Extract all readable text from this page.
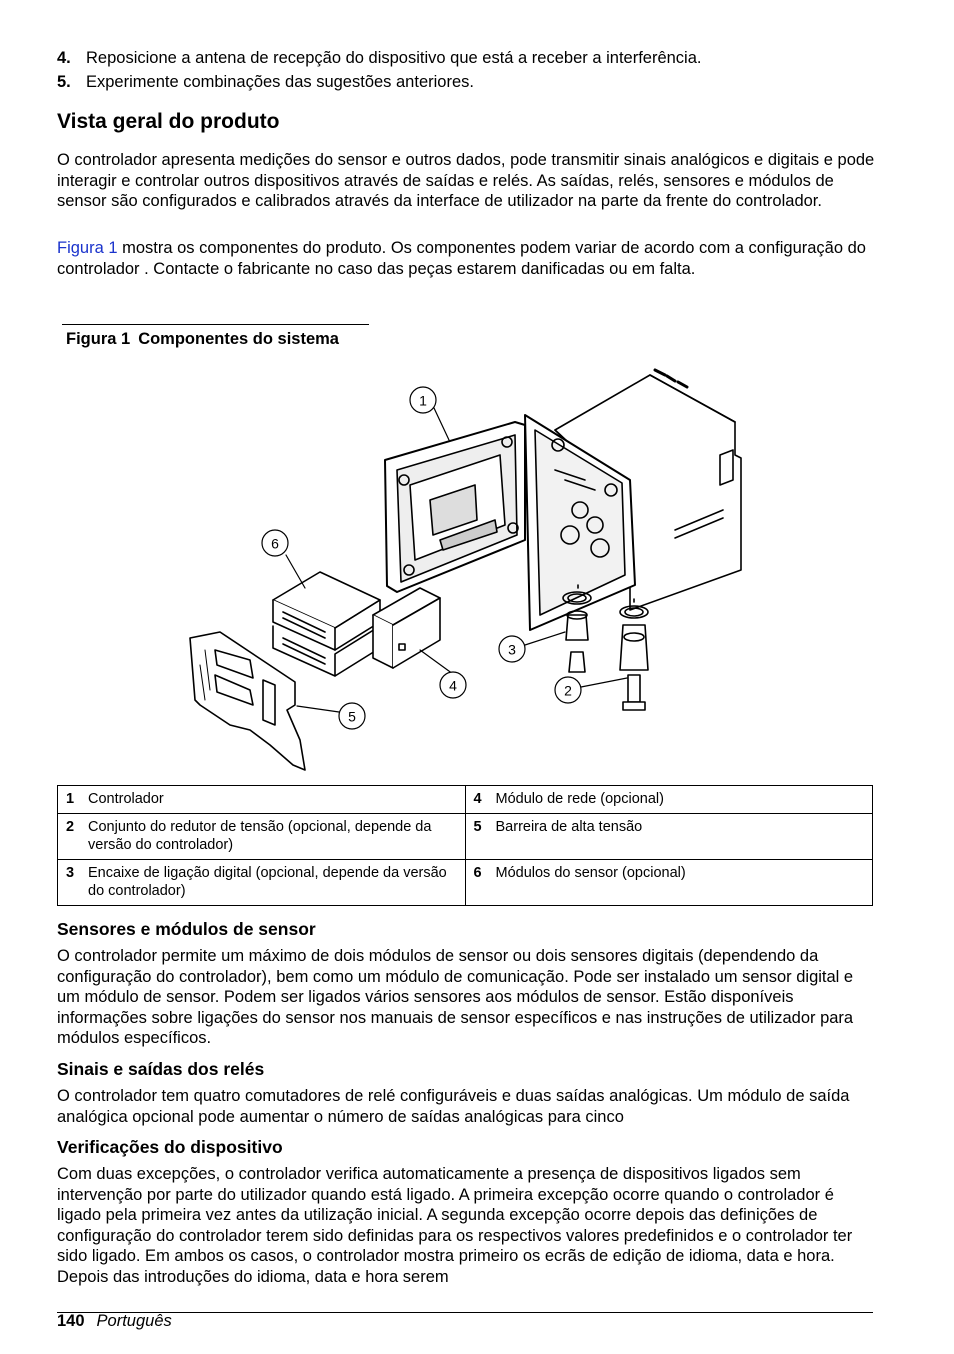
4. Reposicione a antena de recepção do dispositivo que está a receber a interferência.
5. Experimente combinações das sugestões anteriores.
Vista geral do produto

O controlador apresenta medições do sensor e outros dados, pode transmitir sinais analógicos e digitais e pode interagir e controlar outros dispositivos através de saídas e relés. As saídas, relés, sensores e módulos de sensor são configurados e calibrados através da interface de utilizador na parte da frente do controlador.

Figura 1 mostra os componentes do produto. Os componentes podem variar de acordo com a configuração do controlador . Contacte o fabricante no caso das peças estarem danificadas ou em falta.

Figura 1 Componentes do sistema
1
6
3
4	2
5
1 Controlador	4 Módulo de rede (opcional)

2 Conjunto do redutor de tensão (opcional, depende da versão do controlador)	5 Barreira de alta tensão

3 Encaixe de ligação digital (opcional, depende da versão do controlador)	6 Módulos do sensor (opcional)
Sensores e módulos de sensor

O controlador permite um máximo de dois módulos de sensor ou dois sensores digitais (dependendo da configuração do controlador), bem como um módulo de comunicação. Pode ser instalado um sensor digital e um módulo de sensor. Podem ser ligados vários sensores aos módulos de sensor. Estão disponíveis informações sobre ligações do sensor nos manuais de sensor específicos e nas instruções de utilizador para módulos específicos.

Sinais e saídas dos relés

O controlador tem quatro comutadores de relé configuráveis e duas saídas analógicas. Um módulo de saída analógica opcional pode aumentar o número de saídas analógicas para cinco

Verificações do dispositivo

Com duas excepções, o controlador verifica automaticamente a presença de dispositivos ligados sem intervenção por parte do utilizador quando está ligado. A primeira excepção ocorre quando o controlador é ligado pela primeira vez antes da utilização inicial. A segunda excepção ocorre depois das definições de configuração do controlador terem sido definidas para os respectivos valores predefinidos e o controlador ter sido ligado. Em ambos os casos, o controlador mostra primeiro os ecrãs de edição de idioma, data e hora. Depois das introduções do idioma, data e hora serem

140 Português
